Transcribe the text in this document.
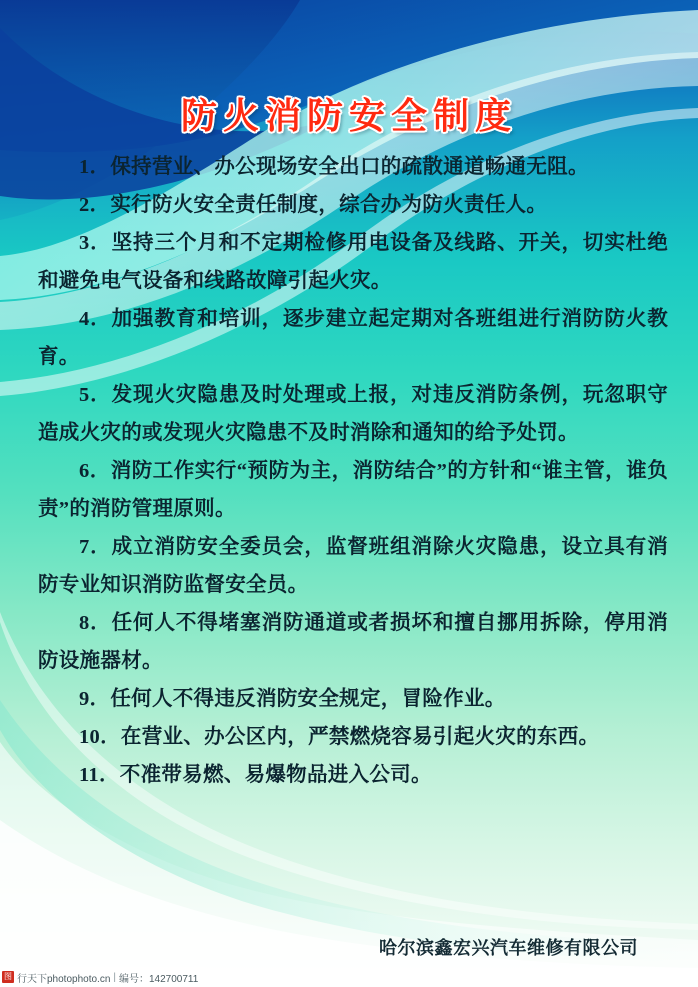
防火消防安全制度

1．保持营业、办公现场安全出口的疏散通道畅通无阻。

2．实行防火安全责任制度，综合办为防火责任人。

3．坚持三个月和不定期检修用电设备及线路、开关，切实杜绝和避免电气设备和线路故障引起火灾。

4．加强教育和培训，逐步建立起定期对各班组进行消防防火教育。

5．发现火灾隐患及时处理或上报，对违反消防条例，玩忽职守造成火灾的或发现火灾隐患不及时消除和通知的给予处罚。

6．消防工作实行“预防为主，消防结合”的方针和“谁主管，谁负责”的消防管理原则。

7．成立消防安全委员会，监督班组消除火灾隐患，设立具有消防专业知识消防监督安全员。

8．任何人不得堵塞消防通道或者损坏和擅自挪用拆除，停用消防设施器材。

9．任何人不得违反消防安全规定，冒险作业。

10．在营业、办公区内，严禁燃烧容易引起火灾的东西。

11．不准带易燃、易爆物品进入公司。

哈尔滨鑫宏兴汽车维修有限公司
图 行天下photophoto.cn | 编号：142700711
